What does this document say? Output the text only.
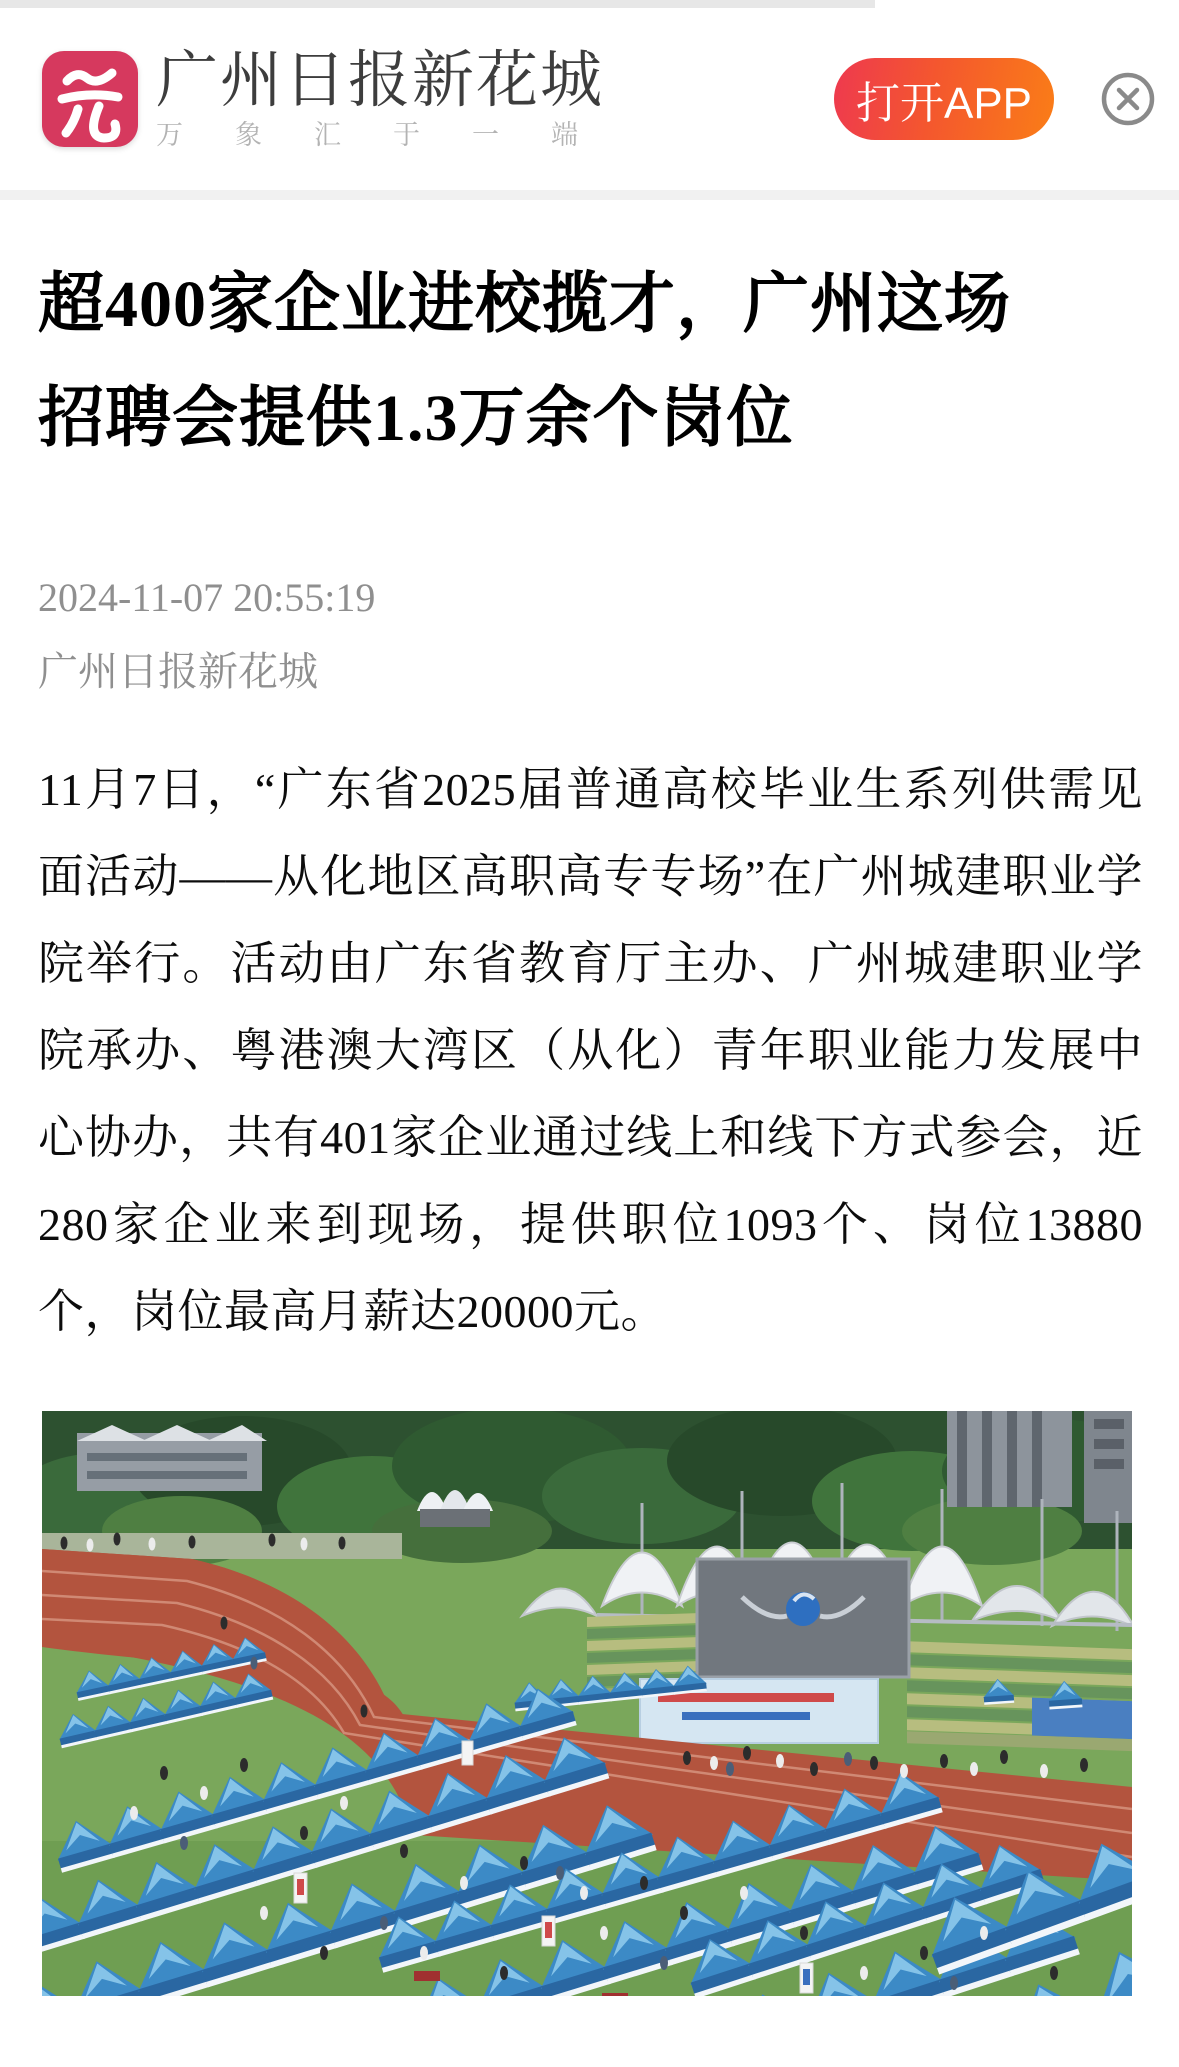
广州日报新花城
万象汇于一端
打开APP
超400家企业进校揽才，广州这场
招聘会提供1.3万余个岗位
2024-11-07 20:55:19
广州日报新花城

11月7日，“广东省2025届普通高校毕业生系列供需见面活动——从化地区高职高专专场”在广州城建职业学院举行。活动由广东省教育厅主办、广州城建职业学院承办、粤港澳大湾区（从化）青年职业能力发展中心协办，共有401家企业通过线上和线下方式参会，近280家企业来到现场，提供职位1093个、岗位13880个，岗位最高月薪达20000元。
